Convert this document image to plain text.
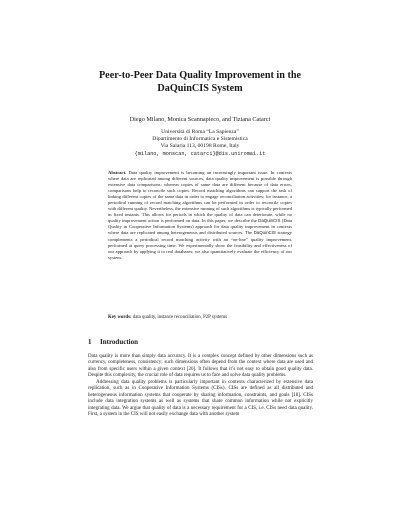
Peer-to-Peer Data Quality Improvement in the
DaQuinCIS System
Diego Milano, Monica Scannapieco, and Tiziana Catarci
Università di Roma “La Sapienza”
Dipartimento di Informatica e Sistemistica
Via Salaria 113, 00198 Rome, Italy
{milano, monscan, catarci}@dis.uniroma1.it

Abstract. Data quality improvement is becoming an increasingly important issue. In contexts where data are replicated among different sources, data quality improvement is possible through extensive data comparisons: whereas copies of same data are different because of data errors, comparisons help to reconcile such copies. Record matching algorithms can support the task of linking different copies of the same data in order to engage reconciliation activities; for instance, a periodical running of record matching algorithms can be performed in order to reconcile copies with different quality. Nevertheless, the extensive running of such algorithms is typically performed in fixed instants. This allows for periods in which the quality of data can deteriorate, while no quality improvement action is performed on data. In this paper, we describe the DaQuinCIS (Data Quality in Cooperative Information Systems) approach for data quality improvement in contexts where data are replicated among heterogeneous and distributed sources. The DaQuinCIS strategy complements a periodical record matching activity with an “on-line” quality improvement, performed at query processing time. We experimentally show the feasibility and effectiveness of our approach by applying it to real databases; we also quantitatively evaluate the efficiency of our system.

Key words: data quality, instance reconciliation, P2P systems

1 Introduction

Data quality is more than simply data accuracy. It is a complex concept defined by other dimensions such as currency, completeness, consistency; such dimensions often depend from the context where data are used and also from specific users within a given context [26]. It follows that it’s not easy to obtain good quality data. Despite this complexity, the crucial role of data requires us to face and solve data quality problems.

Addressing data quality problems is particularly important in contexts characterized by extensive data replication, such as in Cooperative Information Systems (CISs). CISs are defined as all distributed and heterogeneous information systems that cooperate by sharing information, constraints, and goals [18]. CISs include data integration systems as well as systems that share common information while not explicitly integrating data. We argue that quality of data is a necessary requirement for a CIS, i.e. CISs need data quality. First, a system in the CIS will not easily exchange data with another system
